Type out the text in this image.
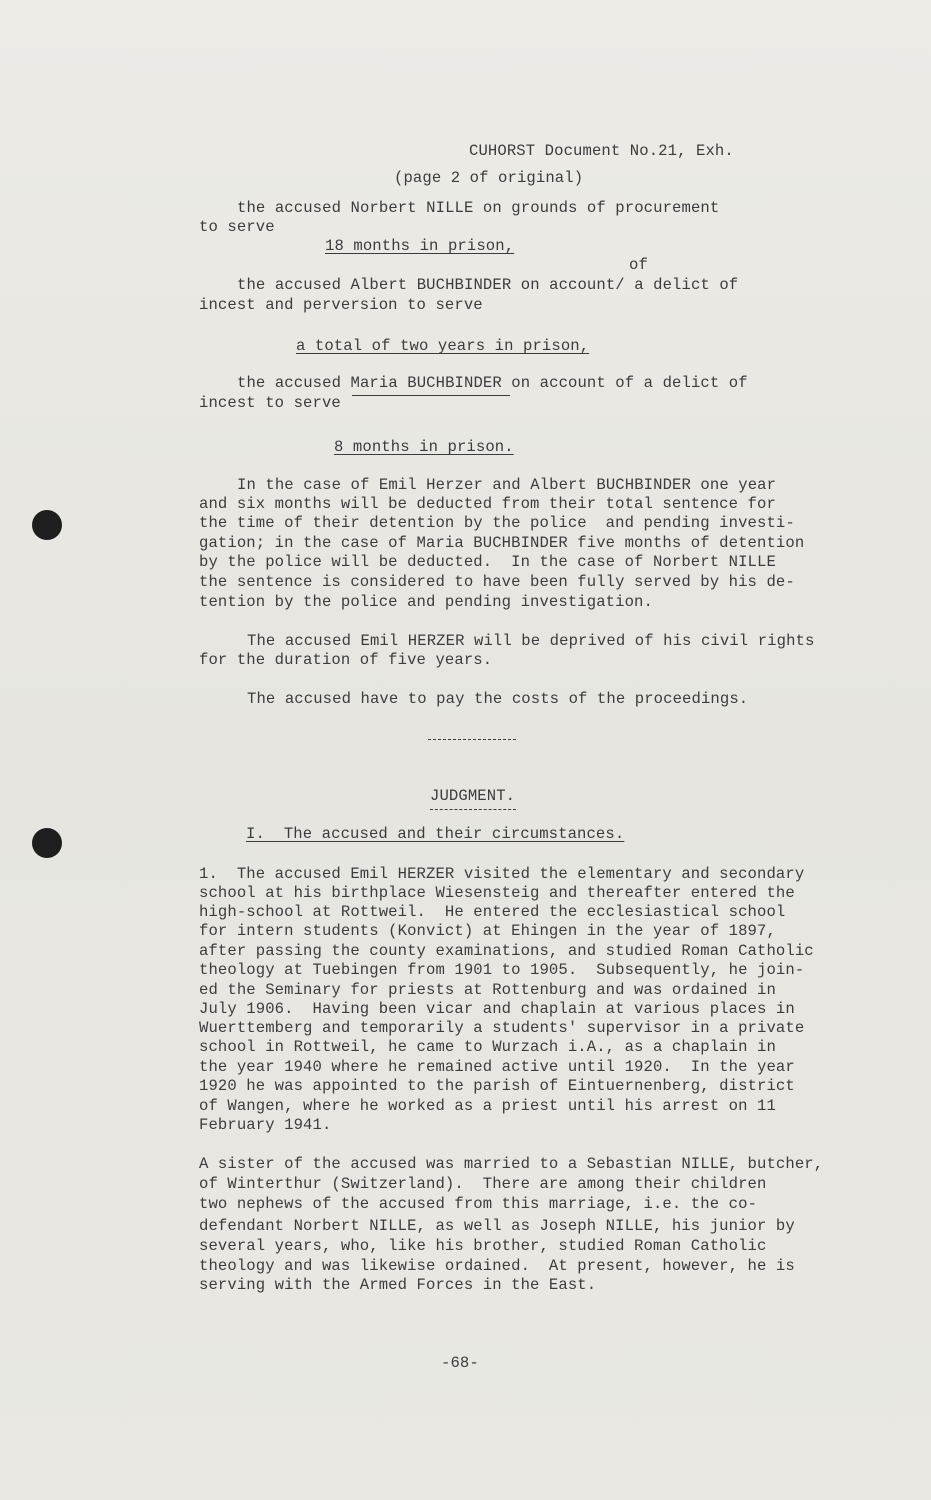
CUHORST Document No.21, Exh.
(page 2 of original)
the accused Norbert NILLE on grounds of procurement
to serve
18 months in prison,
of
the accused Albert BUCHBINDER on account/ a delict of
incest and perversion to serve
a total of two years in prison,
the accused Maria BUCHBINDER on account of a delict of
incest to serve
8 months in prison.
In the case of Emil Herzer and Albert BUCHBINDER one year
and six months will be deducted from their total sentence for
the time of their detention by the police  and pending investi-
gation; in the case of Maria BUCHBINDER five months of detention
by the police will be deducted.  In the case of Norbert NILLE
the sentence is considered to have been fully served by his de-
tention by the police and pending investigation.
The accused Emil HERZER will be deprived of his civil rights
for the duration of five years.
The accused have to pay the costs of the proceedings.
JUDGMENT.
I.  The accused and their circumstances.
1.  The accused Emil HERZER visited the elementary and secondary
school at his birthplace Wiesensteig and thereafter entered the
high-school at Rottweil.  He entered the ecclesiastical school
for intern students (Konvict) at Ehingen in the year of 1897,
after passing the county examinations, and studied Roman Catholic
theology at Tuebingen from 1901 to 1905.  Subsequently, he join-
ed the Seminary for priests at Rottenburg and was ordained in
July 1906.  Having been vicar and chaplain at various places in
Wuerttemberg and temporarily a students' supervisor in a private
school in Rottweil, he came to Wurzach i.A., as a chaplain in
the year 1940 where he remained active until 1920.  In the year
1920 he was appointed to the parish of Eintuernenberg, district
of Wangen, where he worked as a priest until his arrest on 11
February 1941.
A sister of the accused was married to a Sebastian NILLE, butcher,
of Winterthur (Switzerland).  There are among their children
two nephews of the accused from this marriage, i.e. the co-
defendant Norbert NILLE, as well as Joseph NILLE, his junior by
several years, who, like his brother, studied Roman Catholic
theology and was likewise ordained.  At present, however, he is
serving with the Armed Forces in the East.
-68-
